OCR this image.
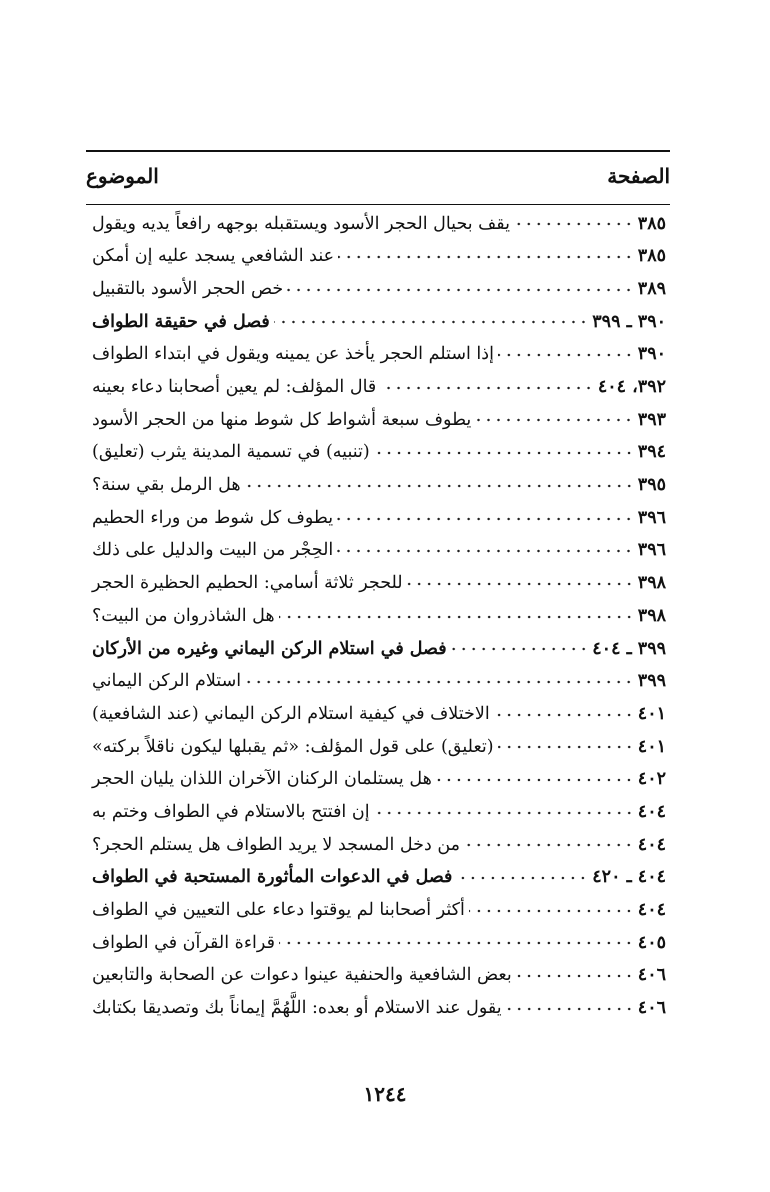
الموضوع	الصفحة
يقف بحيال الحجر الأسود ويستقبله بوجهه رافعاً يديه ويقول	٣٨٥
عند الشافعي يسجد عليه إن أمكن	٣٨٥
خص الحجر الأسود بالتقبيل	٣٨٩
فصل في حقيقة الطواف	٣٩٠ ـ ٣٩٩
إذا استلم الحجر يأخذ عن يمينه ويقول في ابتداء الطواف	٣٩٠
قال المؤلف: لم يعين أصحابنا دعاء بعينه	٣٩٢، ٤٠٤
يطوف سبعة أشواط كل شوط منها من الحجر الأسود	٣٩٣
(تنبيه) في تسمية المدينة يثرب (تعليق)	٣٩٤
هل الرمل بقي سنة؟	٣٩٥
يطوف كل شوط من وراء الحطيم	٣٩٦
الحِجْر من البيت والدليل على ذلك	٣٩٦
للحجر ثلاثة أسامي: الحطيم الحظيرة الحجر	٣٩٨
هل الشاذروان من البيت؟	٣٩٨
فصل في استلام الركن اليماني وغيره من الأركان	٣٩٩ ـ ٤٠٤
استلام الركن اليماني	٣٩٩
الاختلاف في كيفية استلام الركن اليماني (عند الشافعية)	٤٠١
(تعليق) على قول المؤلف: «ثم يقبلها ليكون ناقلاً بركته»	٤٠١
هل يستلمان الركنان الآخران اللذان يليان الحجر	٤٠٢
إن افتتح بالاستلام في الطواف وختم به	٤٠٤
من دخل المسجد لا يريد الطواف هل يستلم الحجر؟	٤٠٤
فصل في الدعوات المأثورة المستحبة في الطواف	٤٠٤ ـ ٤٢٠
أكثر أصحابنا لم يوقتوا دعاء على التعيين في الطواف	٤٠٤
قراءة القرآن في الطواف	٤٠٥
بعض الشافعية والحنفية عينوا دعوات عن الصحابة والتابعين	٤٠٦
يقول عند الاستلام أو بعده: اللَّهُمَّ إيماناً بك وتصديقا بكتابك	٤٠٦
١٢٤٤
